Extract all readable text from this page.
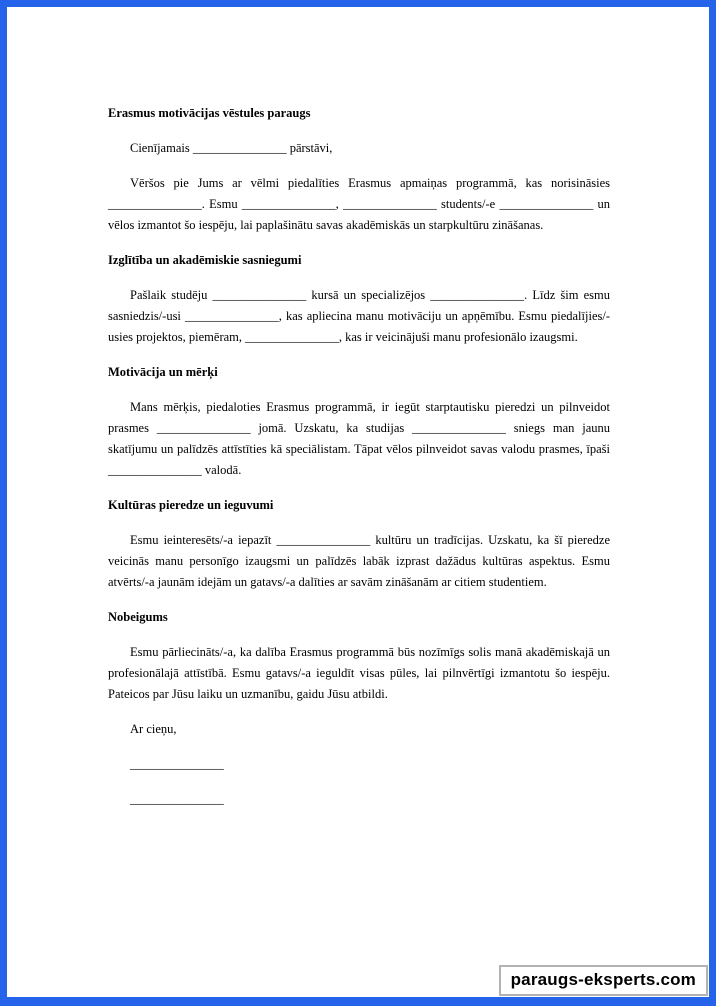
Erasmus motivācijas vēstules paraugs

Cienījamais _______________ pārstāvi,

Vēršos pie Jums ar vēlmi piedalīties Erasmus apmaiņas programmā, kas norisināsies _______________. Esmu _______________, _______________ students/-e _______________ un vēlos izmantot šo iespēju, lai paplašinātu savas akadēmiskās un starpkultūru zināšanas.

Izglītība un akadēmiskie sasniegumi

Pašlaik studēju _______________ kursā un specializējos _______________. Līdz šim esmu sasniedzis/-usi _______________, kas apliecina manu motivāciju un apņēmību. Esmu piedalījies/-usies projektos, piemēram, _______________, kas ir veicinājuši manu profesionālo izaugsmi.

Motivācija un mērķi

Mans mērķis, piedaloties Erasmus programmā, ir iegūt starptautisku pieredzi un pilnveidot prasmes _______________ jomā. Uzskatu, ka studijas _______________ sniegs man jaunu skatījumu un palīdzēs attīstīties kā speciālistam. Tāpat vēlos pilnveidot savas valodu prasmes, īpaši _______________ valodā.

Kultūras pieredze un ieguvumi

Esmu ieinteresēts/-a iepazīt _______________ kultūru un tradīcijas. Uzskatu, ka šī pieredze veicinās manu personīgo izaugsmi un palīdzēs labāk izprast dažādus kultūras aspektus. Esmu atvērts/-a jaunām idejām un gatavs/-a dalīties ar savām zināšanām ar citiem studentiem.

Nobeigums

Esmu pārliecināts/-a, ka dalība Erasmus programmā būs nozīmīgs solis manā akadēmiskajā un profesionālajā attīstībā. Esmu gatavs/-a ieguldīt visas pūles, lai pilnvērtīgi izmantotu šo iespēju. Pateicos par Jūsu laiku un uzmanību, gaidu Jūsu atbildi.

Ar cieņu,

_______________

_______________

paraugs-eksperts.com
